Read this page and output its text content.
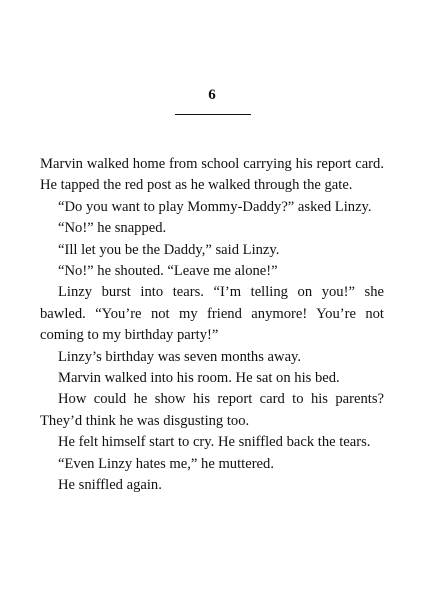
6

Marvin walked home from school carrying his report card. He tapped the red post as he walked through the gate.

“Do you want to play Mommy-Daddy?” asked Linzy.

“No!” he snapped.

“Ill let you be the Daddy,” said Linzy.

“No!” he shouted. “Leave me alone!”

Linzy burst into tears. “I’m telling on you!” she bawled. “You’re not my friend anymore! You’re not coming to my birthday party!”

Linzy’s birthday was seven months away.

Marvin walked into his room. He sat on his bed.

How could he show his report card to his parents? They’d think he was disgusting too.

He felt himself start to cry. He sniffled back the tears.

“Even Linzy hates me,” he muttered.

He sniffled again.
